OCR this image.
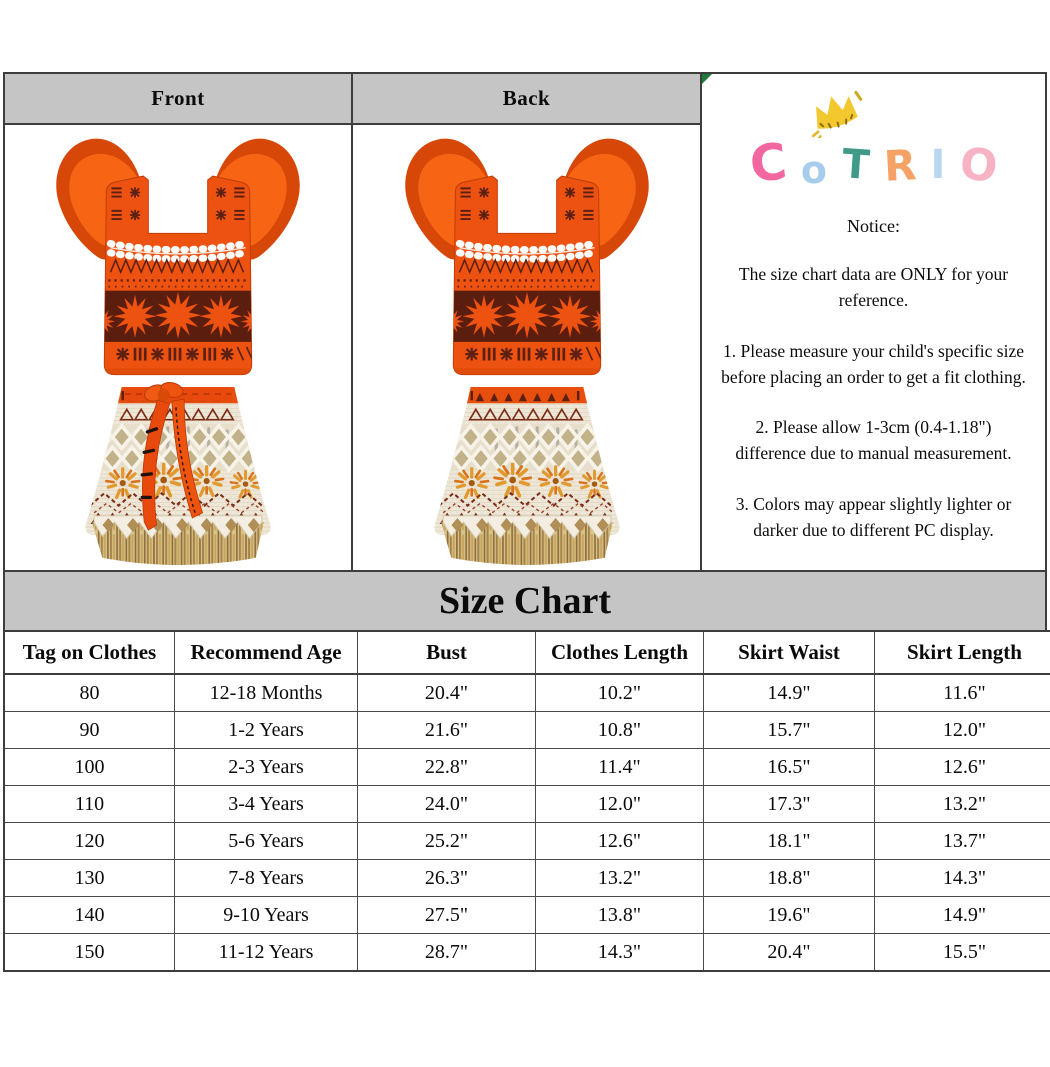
Front	Back
C o T R I O
Notice:
The size chart data are ONLY for your reference.
1. Please measure your child's specific size before placing an order to get a fit clothing.
2. Please allow 1-3cm (0.4-1.18") difference due to manual measurement.
3. Colors may appear slightly lighter or darker due to different PC display.
Size Chart
Tag on Clothes	Recommend Age	Bust	Clothes Length	Skirt Waist	Skirt Length
80	12-18 Months	20.4"	10.2"	14.9"	11.6"
90	1-2 Years	21.6"	10.8"	15.7"	12.0"
100	2-3 Years	22.8"	11.4"	16.5"	12.6"
110	3-4 Years	24.0"	12.0"	17.3"	13.2"
120	5-6 Years	25.2"	12.6"	18.1"	13.7"
130	7-8 Years	26.3"	13.2"	18.8"	14.3"
140	9-10 Years	27.5"	13.8"	19.6"	14.9"
150	11-12 Years	28.7"	14.3"	20.4"	15.5"
